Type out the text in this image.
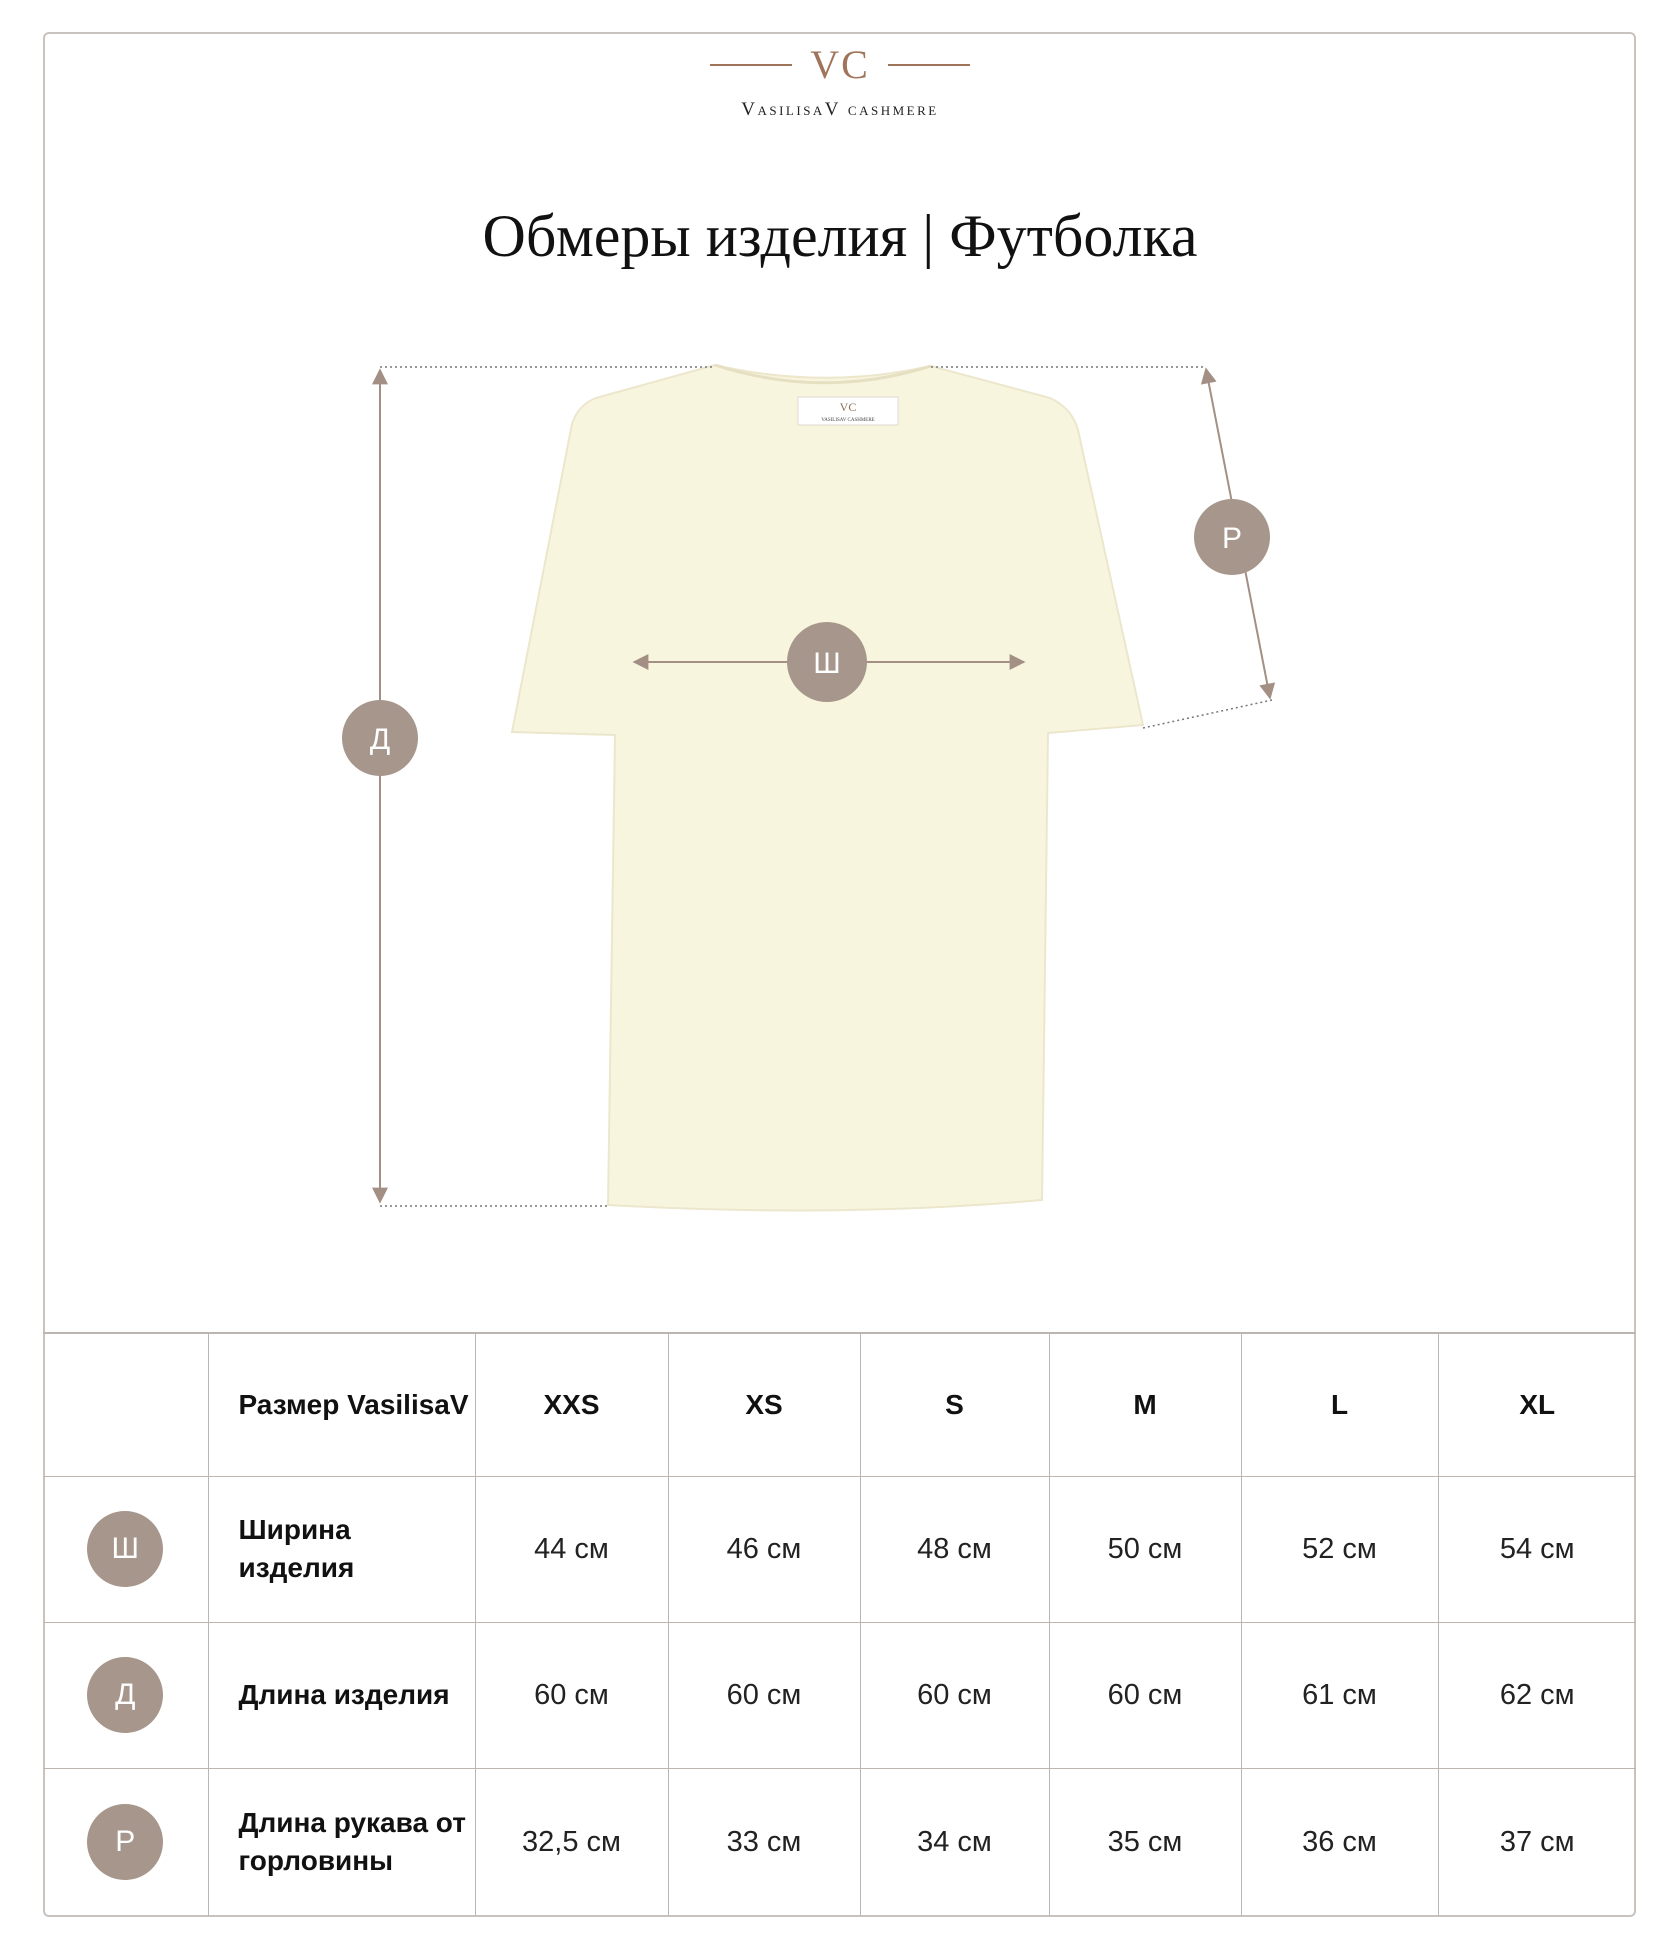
VC
VasilisaV cashmere
Обмеры изделия | Футболка
VC
VASILISAV CASHMERE
Д
Ш
Р
	Размер VasilisaV	XXS	XS	S	M	L	XL

Ш	Ширина изделия	44 см	46 см	48 см	50 см	52 см	54 см

Д	Длина изделия	60 см	60 см	60 см	60 см	61 см	62 см

Р	Длина рукава от горловины	32,5 см	33 см	34 см	35 см	36 см	37 см
